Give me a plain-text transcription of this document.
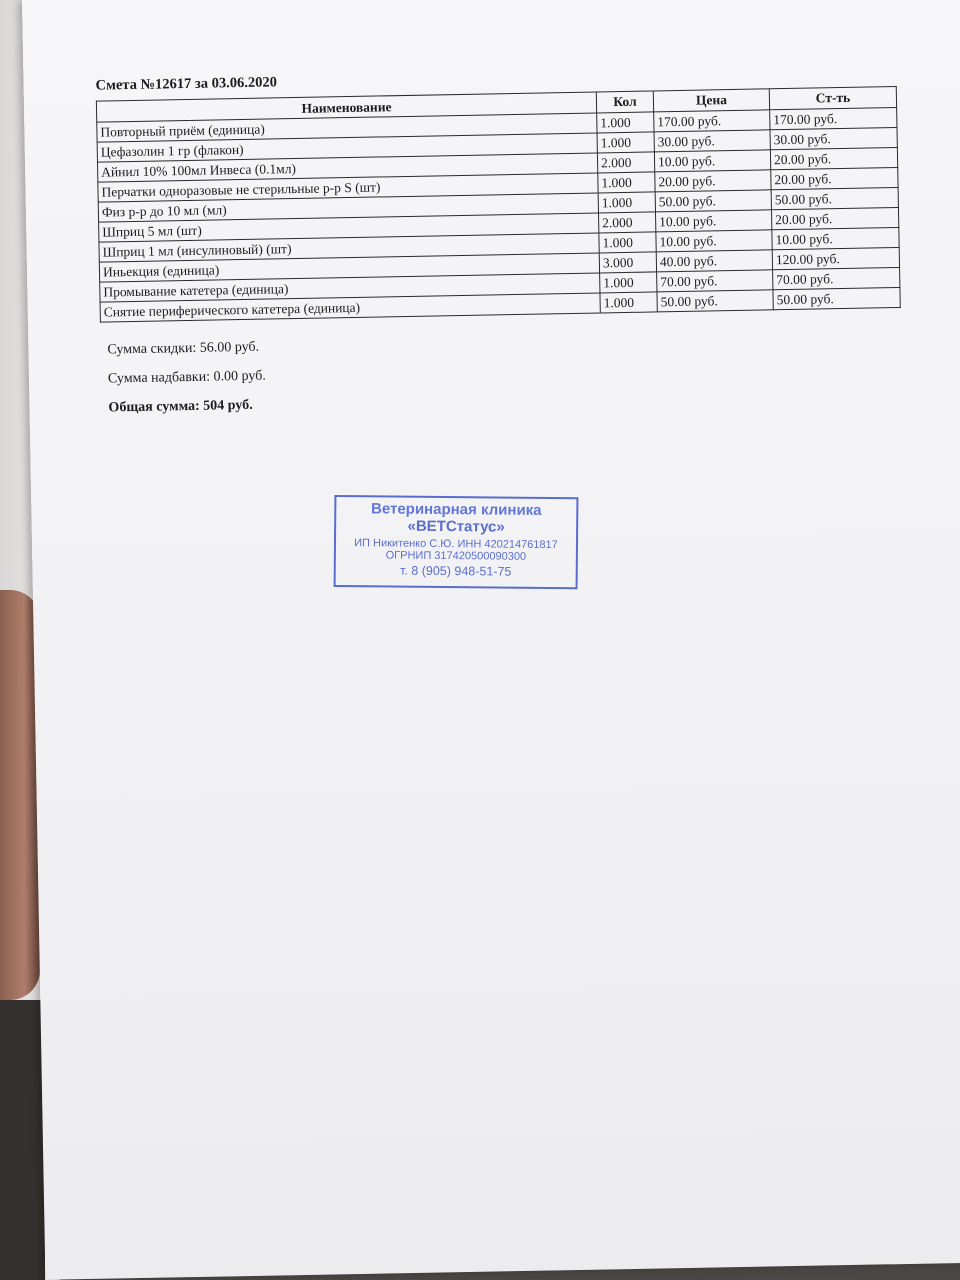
Смета №12617 за 03.06.2020

Наименование	Кол	Цена	Ст-ть
Повторный приём (единица)	1.000	170.00 руб.	170.00 руб.
Цефазолин 1 гр (флакон)	1.000	30.00 руб.	30.00 руб.
Айнил 10% 100мл Инвеса (0.1мл)	2.000	10.00 руб.	20.00 руб.
Перчатки одноразовые не стерильные р-р S (шт)	1.000	20.00 руб.	20.00 руб.
Физ р-р до 10 мл (мл)	1.000	50.00 руб.	50.00 руб.
Шприц 5 мл (шт)	2.000	10.00 руб.	20.00 руб.
Шприц 1 мл (инсулиновый) (шт)	1.000	10.00 руб.	10.00 руб.
Иньекция (единица)	3.000	40.00 руб.	120.00 руб.
Промывание катетера (единица)	1.000	70.00 руб.	70.00 руб.
Снятие периферического катетера (единица)	1.000	50.00 руб.	50.00 руб.

Сумма скидки: 56.00 руб.

Сумма надбавки: 0.00 руб.

Общая сумма: 504 руб.

Ветеринарная клиника
«ВЕТСтатус»
ИП Никитенко С.Ю. ИНН 420214761817
ОГРНИП 317420500090300
т. 8 (905) 948-51-75
